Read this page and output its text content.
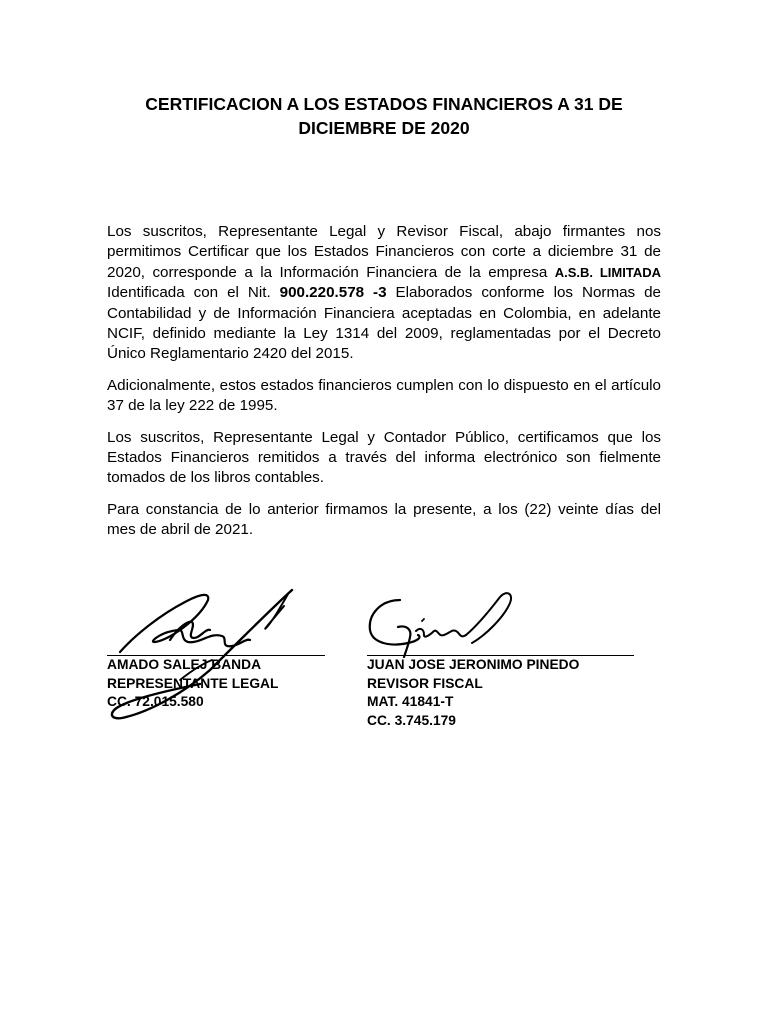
CERTIFICACION A LOS ESTADOS FINANCIEROS A 31 DE
DICIEMBRE DE 2020

Los suscritos, Representante Legal y Revisor Fiscal, abajo firmantes nos permitimos Certificar que los Estados Financieros con corte a diciembre 31 de 2020, corresponde a la Información Financiera de la empresa A.S.B. LIMITADA Identificada con el Nit. 900.220.578 -3 Elaborados conforme los Normas de Contabilidad y de Información Financiera aceptadas en Colombia, en adelante NCIF, definido mediante la Ley 1314 del 2009, reglamentadas por el Decreto Único Reglamentario 2420 del 2015.

Adicionalmente, estos estados financieros cumplen con lo dispuesto en el artículo 37 de la ley 222 de 1995.

Los suscritos, Representante Legal y Contador Público, certificamos que los Estados Financieros remitidos a través del informa electrónico son fielmente tomados de los libros contables.

Para constancia de lo anterior firmamos la presente, a los (22) veinte días del mes de abril de 2021.

AMADO SALEJ BANDA
REPRESENTANTE LEGAL
CC. 72.015.580
JUAN JOSE JERONIMO PINEDO
REVISOR FISCAL
MAT. 41841-T
CC. 3.745.179
